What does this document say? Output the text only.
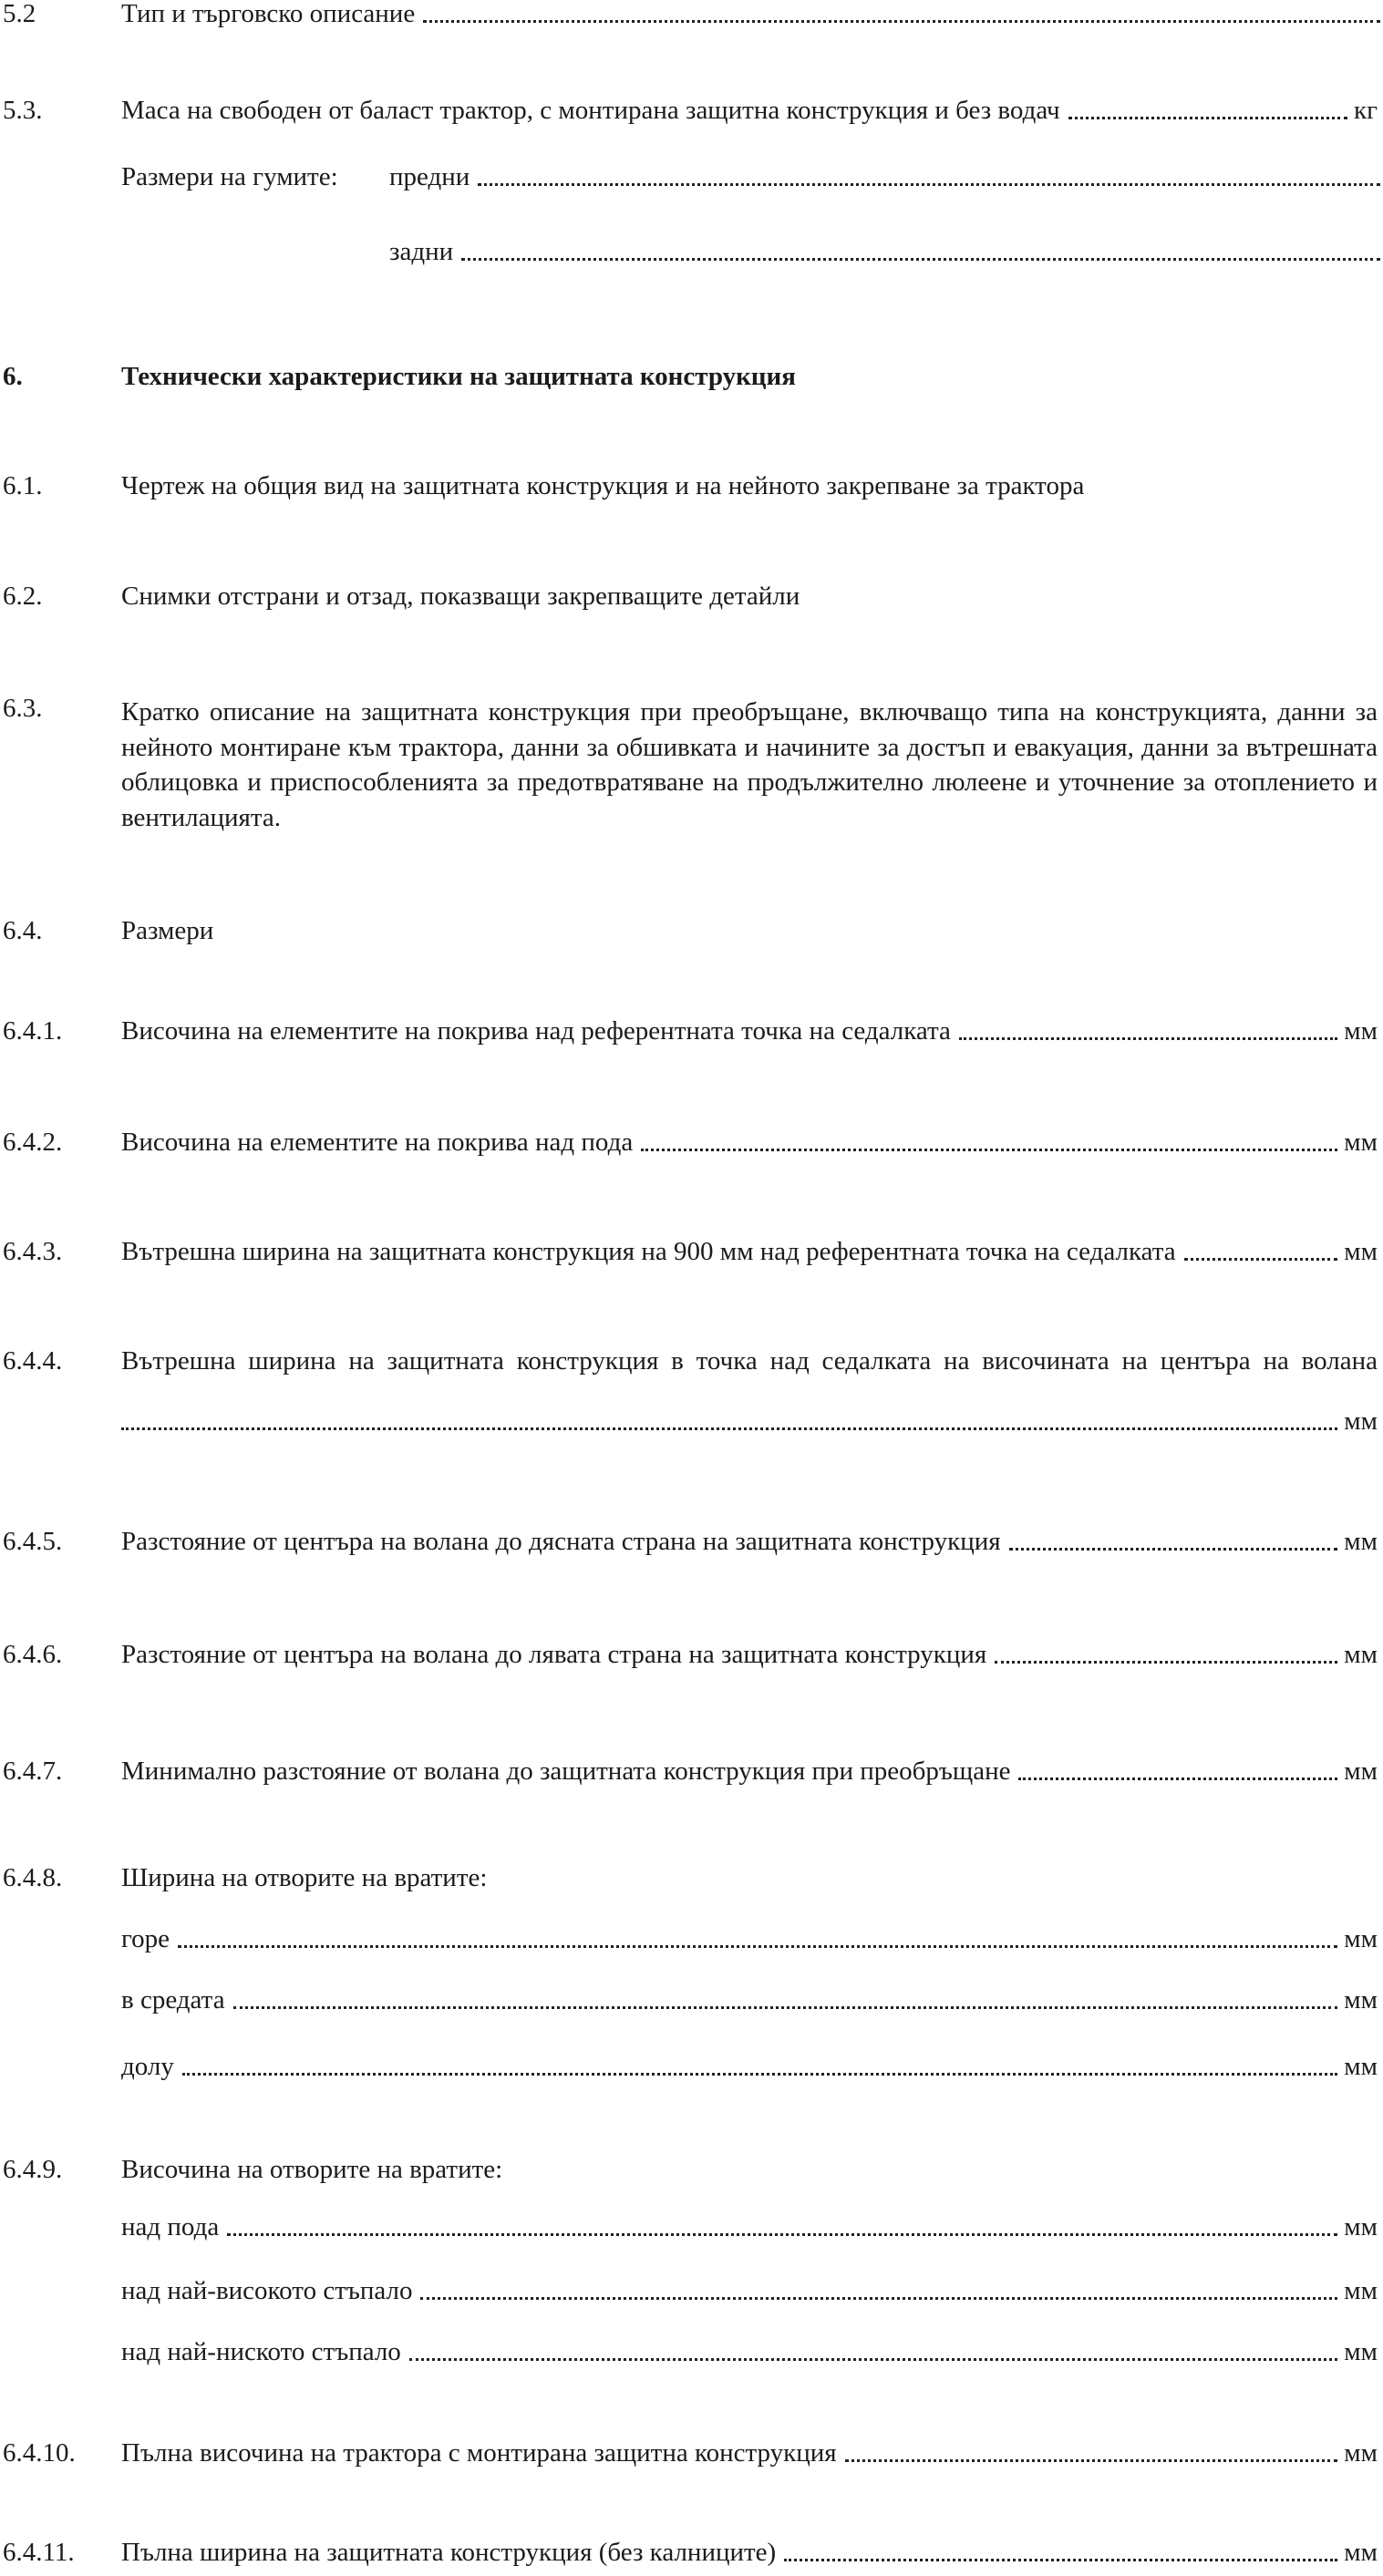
5.2	Тип и търговско описание
5.3.	Маса на свободен от баласт трактор, с монтирана защитна конструкция и без водач	кг
Размери на гумите:	предни
задни
6.	Технически характеристики на защитната конструкция
6.1.	Чертеж на общия вид на защитната конструкция и на нейното закрепване за трактора
6.2.	Снимки отстрани и отзад, показващи закрепващите детайли
6.3.	Кратко описание на защитната конструкция при преобръщане, включващо типа на конструкцията, данни за нейното монтиране към трактора, данни за обшивката и начините за достъп и евакуация, данни за вътрешната облицовка и приспособленията за предотвратяване на продължително люлеене и уточнение за отоплението и вентилацията.
6.4.	Размери
6.4.1. Височина на елементите на покрива над референтната точка на седалката	мм
6.4.2. Височина на елементите на покрива над пода	мм
6.4.3. Вътрешна ширина на защитната конструкция на 900 мм над референтната точка на седалката	мм
6.4.4. Вътрешна ширина на защитната конструкция в точка над седалката на височината на центъра на волана
мм
6.4.5. Разстояние от центъра на волана до дясната страна на защитната конструкция	мм
6.4.6. Разстояние от центъра на волана до лявата страна на защитната конструкция	мм
6.4.7. Минимално разстояние от волана до защитната конструкция при преобръщане	мм
6.4.8. Ширина на отворите на вратите:
горе	мм
в средата	мм
долу	мм
6.4.9. Височина на отворите на вратите:
над пода	мм
над най-високото стъпало	мм
над най-ниското стъпало	мм
6.4.10. Пълна височина на трактора с монтирана защитна конструкция	мм
6.4.11. Пълна ширина на защитната конструкция (без калниците)	мм
